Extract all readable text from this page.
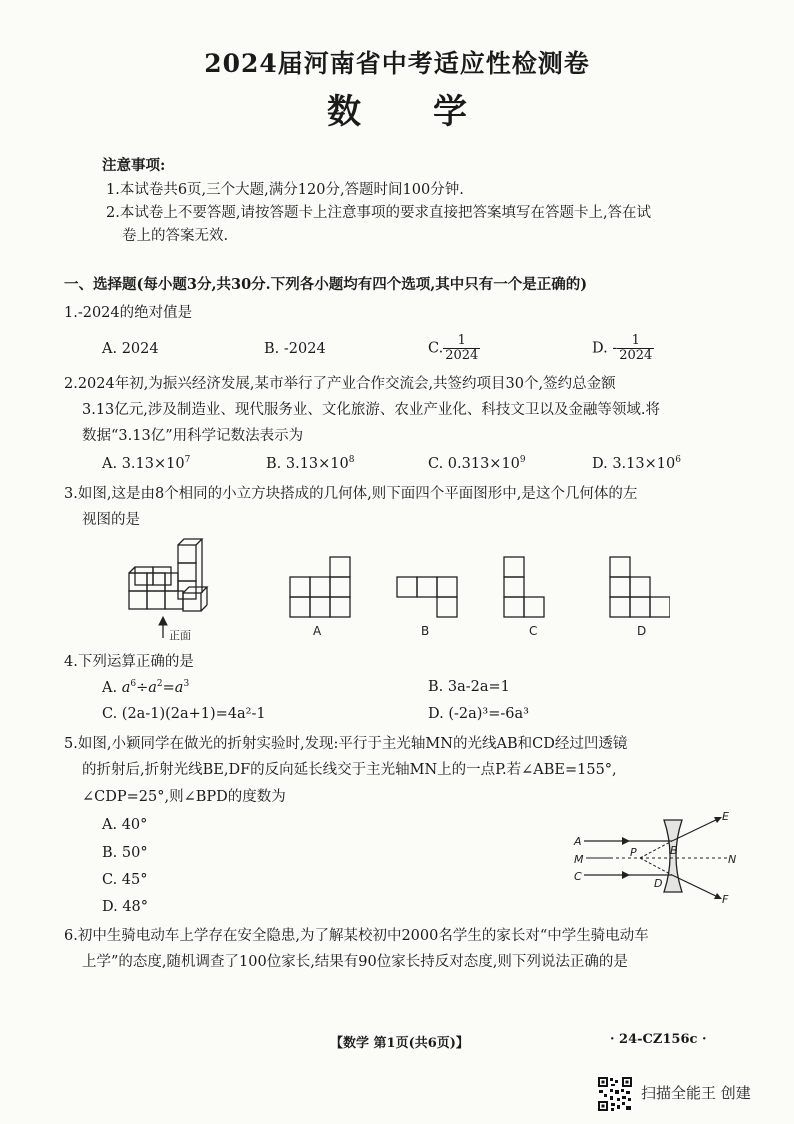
2024届河南省中考适应性检测卷
数学
注意事项:
1.本试卷共6页,三个大题,满分120分,答题时间100分钟.
2.本试卷上不要答题,请按答题卡上注意事项的要求直接把答案填写在答题卡上,答在试
卷上的答案无效.
一、选择题(每小题3分,共30分.下列各小题均有四个选项,其中只有一个是正确的)
1.-2024的绝对值是
A. 2024	B. -2024	C. $\frac{1}{2024}$	D. - $\frac{1}{2024}$
2.2024年初,为振兴经济发展,某市举行了产业合作交流会,共签约项目30个,签约总金额
3.13亿元,涉及制造业、现代服务业、文化旅游、农业产业化、科技文卫以及金融等领域.将
数据“3.13亿”用科学记数法表示为
A. $3.13\times 10^7$	B. $3.13\times 10^8$	C. $0.313\times 10^9$	D. $3.13\times 10^6$
3.如图,这是由8个相同的小立方块搭成的几何体,则下面四个平面图形中,是这个几何体的左
视图的是
正面	A	B	C	D
4.下列运算正确的是
A. $a^6\div a^2=a^3$	B. 3a-2a=1
C. (2a-1)(2a+1)=4a²-1	D. (-2a)³=-6a³
5.如图,小颖同学在做光的折射实验时,发现:平行于主光轴MN的光线AB和CD经过凹透镜
的折射后,折射光线BE,DF的反向延长线交于主光轴MN上的一点P.若∠ABE=155°,
∠CDP=25°,则∠BPD的度数为
A. 40°
B. 50°
C. 45°
D. 48°
A
M
C
P	B
D
N
E
F
6.初中生骑电动车上学存在安全隐患,为了解某校初中2000名学生的家长对“中学生骑电动车
上学”的态度,随机调查了100位家长,结果有90位家长持反对态度,则下列说法正确的是
【数学 第1页(共6页)】	· 24-CZ156c ·
扫描全能王 创建
